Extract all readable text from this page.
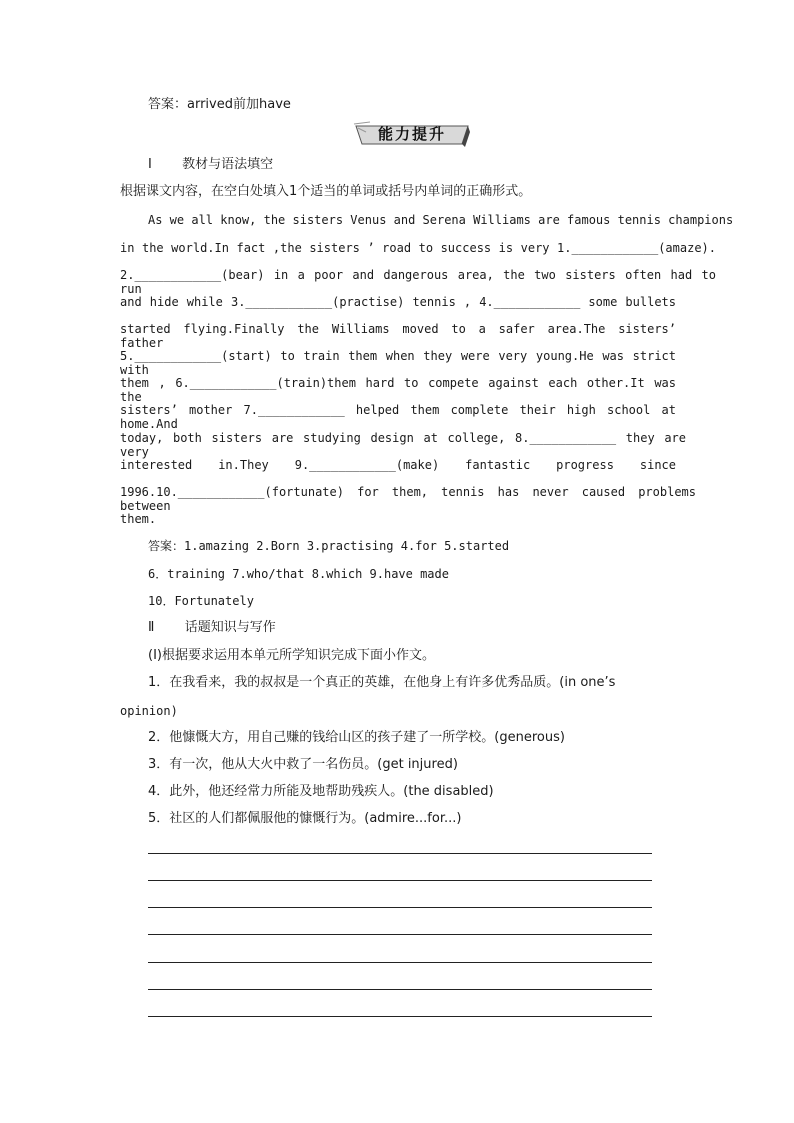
答案：arrived前加have
能力提升
Ⅰ 教材与语法填空
根据课文内容，在空白处填入1个适当的单词或括号内单词的正确形式。
As we all know, the sisters Venus and Serena Williams are famous tennis champions
in the world.In fact ,the sisters ’ road to success is very 1.____________(amaze).
2.____________(bear) in a poor and dangerous area, the two sisters often had to run
and hide while 3.____________(practise) tennis , 4.____________ some bullets
started flying.Finally the Williams moved to a safer area.The sisters’ father
5.____________(start) to train them when they were very young.He was strict with
them , 6.____________(train)them hard to compete against each other.It was the
sisters’ mother 7.____________ helped them complete their high school at home.And
today, both sisters are studying design at college, 8.____________ they are very
interested in.They 9.____________(make) fantastic progress since
1996.10.____________(fortunate) for them, tennis has never caused problems between
them.
答案：1.amazing 2.Born 3.practising 4.for 5.started
6．training 7.who/that 8.which 9.have made
10．Fortunately
Ⅱ 话题知识与写作
(Ⅰ)根据要求运用本单元所学知识完成下面小作文。
1．在我看来，我的叔叔是一个真正的英雄，在他身上有许多优秀品质。(in one’s
opinion)
2．他慷慨大方，用自己赚的钱给山区的孩子建了一所学校。(generous)
3．有一次，他从大火中救了一名伤员。(get injured)
4．此外，他还经常力所能及地帮助残疾人。(the disabled)
5．社区的人们都佩服他的慷慨行为。(admire...for...)
